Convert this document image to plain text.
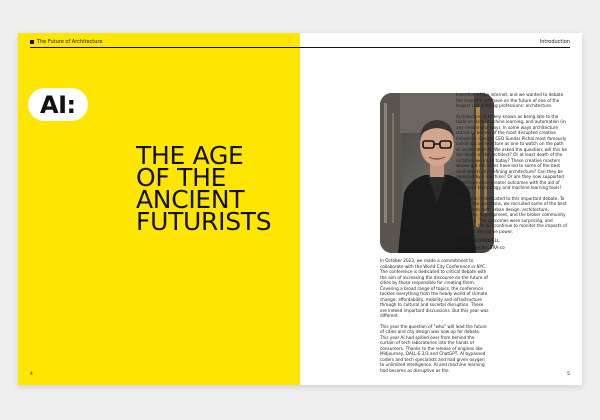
The Future of Architecture
AI:
THE AGE
OF THE
ANCIENT
FUTURISTS
4
Introduction

In October 2023, we made a commitment to collaborate with the World City Conference in NYC. The conference is dedicated to critical debate with the aim of increasing the discourse on the future of cities by those responsible for creating them. Covering a broad range of topics, the conference tackles everything from the heady world of climate change, affordability, mobility and infrastructure through to cultural and societal disruption. These are indeed important discussions. But this year was different.

This year the question of "who" will lead the future of cities and city design was now up for debate. This year AI had spilled over from behind the curtain of tech laboratories into the hands of consumers. Thanks to the release of engines like Midjourney, DALL-E 2/3 and ChatGPT, AI bypassed coders and tech specialists and had given oxygen to unlimited intelligence. AI and machine learning had become as disruptive as the

invention of the internet, and we wanted to debate the impact it will have on the future of one of the largest city defining professions: architecture.

Architecture is widely known as being late to the table on data, machine learning, and automation (in any meaningful way). In some ways architecture stands to be one of the most disrupted creative industries. Google CEO Sundar Pichai most famously called out architecture as one to watch on the path of accelerated AI. We asked the question; will this be the death of the architect? Or at least death of the architect we know today? These creative masters whose gut decisions have led to some of the best (and worst) city defining architecture? Can they be replaced by a machine? Or are they now supported to achieve even greater outcomes with the aid of advanced technology and machine learning tools?

This paper is dedicated to this important debate. To answer the questions, we recruited some of the best minds from both urban design, architecture, education, development, and the broker community to debate. The outcomes were surprising, and insightful. We will continue to monitor the impacts of AI and its disruptive power.

STEVEN CORNWELL
Global Director, ERA-co
5
